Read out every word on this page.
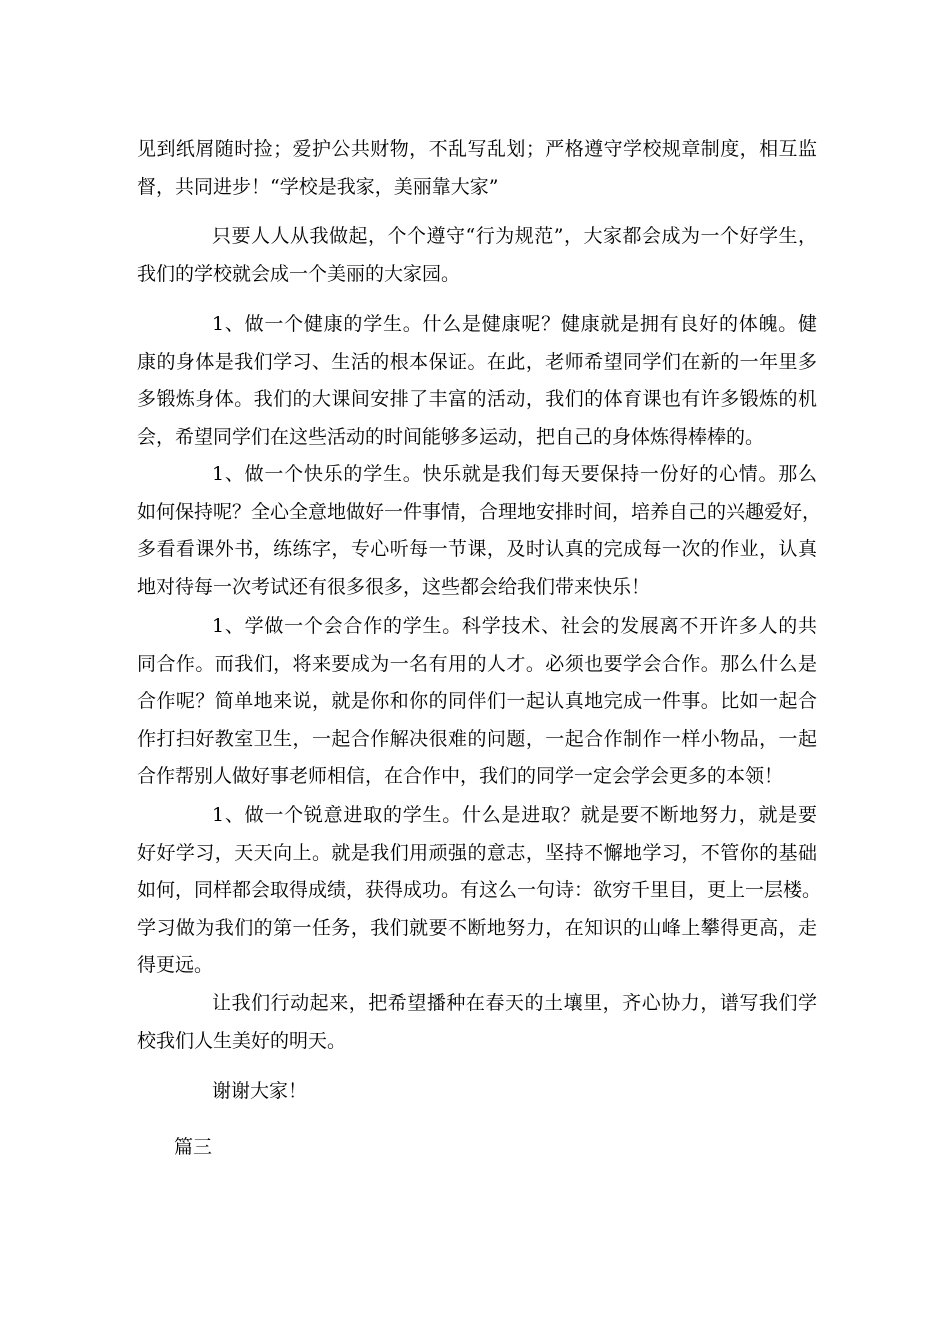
见到纸屑随时捡；爱护公共财物，不乱写乱划；严格遵守学校规章制度，相互监
督，共同进步！“学校是我家，美丽靠大家”

只要人人从我做起，个个遵守“行为规范”，大家都会成为一个好学生，
我们的学校就会成一个美丽的大家园。

1、做一个健康的学生。什么是健康呢？健康就是拥有良好的体魄。健
康的身体是我们学习、生活的根本保证。在此，老师希望同学们在新的一年里多
多锻炼身体。我们的大课间安排了丰富的活动，我们的体育课也有许多锻炼的机
会，希望同学们在这些活动的时间能够多运动，把自己的身体炼得棒棒的。

1、做一个快乐的学生。快乐就是我们每天要保持一份好的心情。那么
如何保持呢？全心全意地做好一件事情，合理地安排时间，培养自己的兴趣爱好，
多看看课外书，练练字，专心听每一节课，及时认真的完成每一次的作业，认真
地对待每一次考试还有很多很多，这些都会给我们带来快乐！

1、学做一个会合作的学生。科学技术、社会的发展离不开许多人的共
同合作。而我们，将来要成为一名有用的人才。必须也要学会合作。那么什么是
合作呢？简单地来说，就是你和你的同伴们一起认真地完成一件事。比如一起合
作打扫好教室卫生，一起合作解决很难的问题，一起合作制作一样小物品，一起
合作帮别人做好事老师相信，在合作中，我们的同学一定会学会更多的本领！

1、做一个锐意进取的学生。什么是进取？就是要不断地努力，就是要
好好学习，天天向上。就是我们用顽强的意志，坚持不懈地学习，不管你的基础
如何，同样都会取得成绩，获得成功。有这么一句诗：欲穷千里目，更上一层楼。
学习做为我们的第一任务，我们就要不断地努力，在知识的山峰上攀得更高，走
得更远。

让我们行动起来，把希望播种在春天的土壤里，齐心协力，谱写我们学
校我们人生美好的明天。

谢谢大家！

篇三
